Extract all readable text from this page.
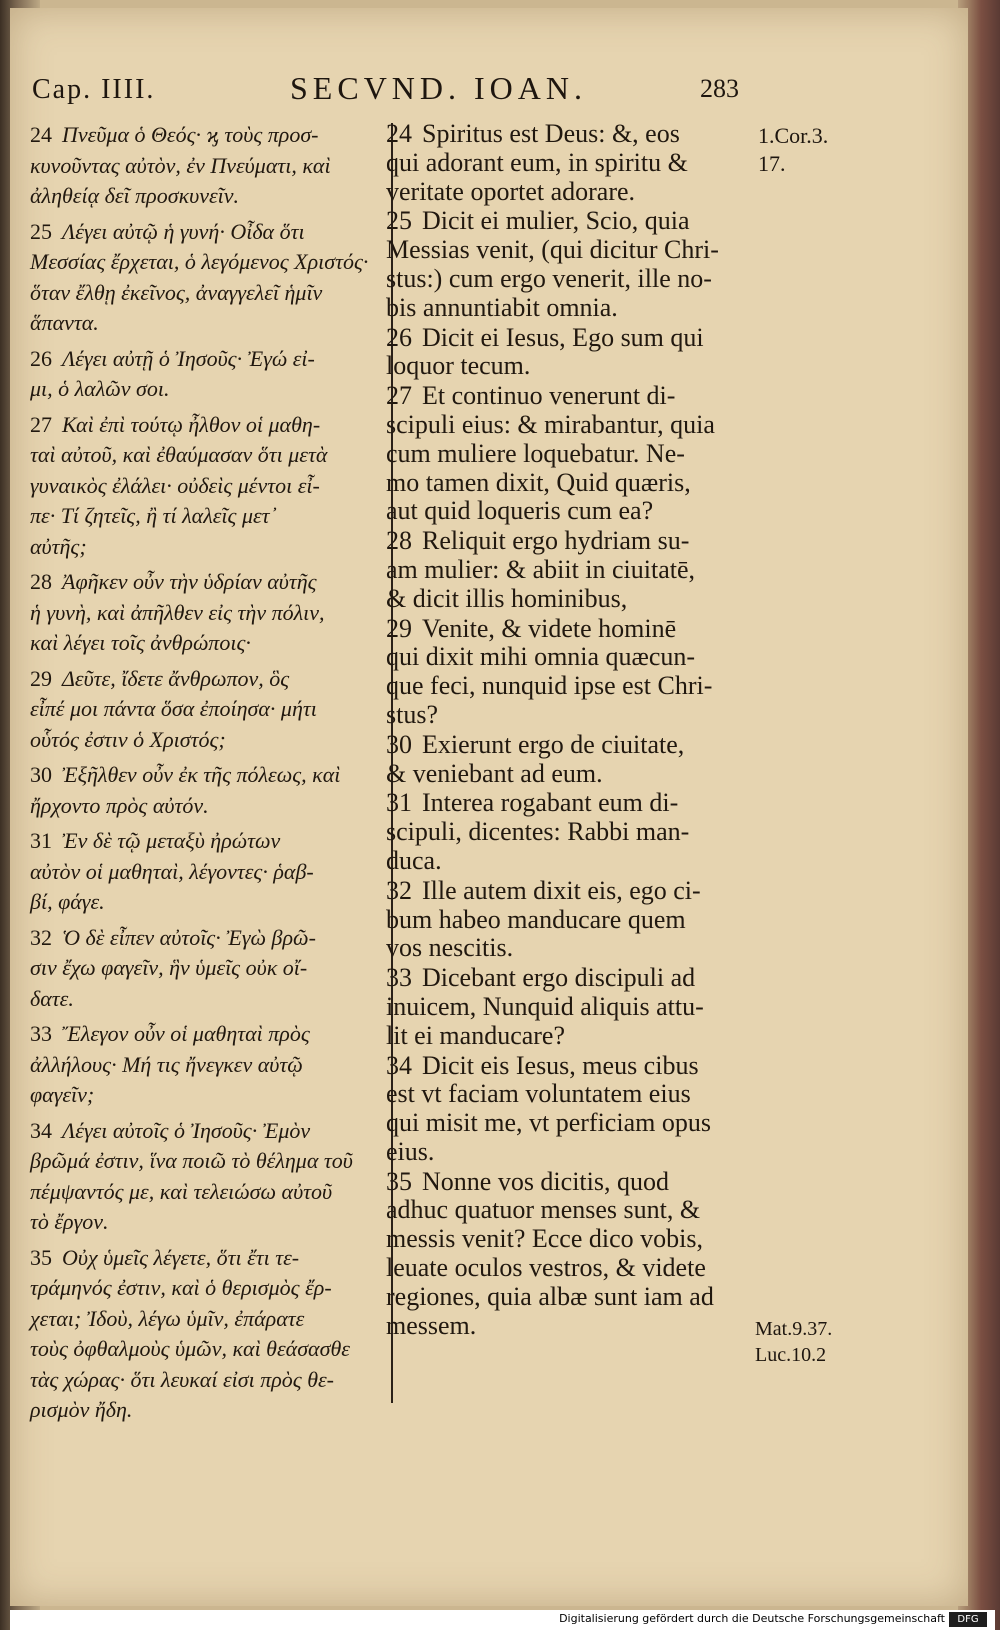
Cap. IIII.	SECVND. IOAN.	283
24 Πνεῦμα ὁ Θεός· ϗ τοὺς προσ-
κυνοῦντας αὐτὸν, ἐν Πνεύματι, καὶ
ἀληθείᾳ δεῖ προσκυνεῖν.
25 Λέγει αὐτῷ ἡ γυνή· Οἶδα ὅτι
Μεσσίας ἔρχεται, ὁ λεγόμενος Χριστός·
ὅταν ἔλθῃ ἐκεῖνος, ἀναγγελεῖ ἡμῖν
ἅπαντα.
26 Λέγει αὐτῇ ὁ Ἰησοῦς· Ἐγώ εἰ-
μι, ὁ λαλῶν σοι.
27 Καὶ ἐπὶ τούτῳ ἦλθον οἱ μαθη-
ταὶ αὐτοῦ, καὶ ἐθαύμασαν ὅτι μετὰ
γυναικὸς ἐλάλει· οὐδεὶς μέντοι εἶ-
πε· Τί ζητεῖς, ἢ τί λαλεῖς μετ᾽
αὐτῆς;
28 Ἀφῆκεν οὖν τὴν ὑδρίαν αὐτῆς
ἡ γυνὴ, καὶ ἀπῆλθεν εἰς τὴν πόλιν,
καὶ λέγει τοῖς ἀνθρώποις·
29 Δεῦτε, ἴδετε ἄνθρωπον, ὃς
εἶπέ μοι πάντα ὅσα ἐποίησα· μήτι
οὗτός ἐστιν ὁ Χριστός;
30 Ἐξῆλθεν οὖν ἐκ τῆς πόλεως, καὶ
ἤρχοντο πρὸς αὐτόν.
31 Ἐν δὲ τῷ μεταξὺ ἠρώτων
αὐτὸν οἱ μαθηταὶ, λέγοντες· ῥαβ-
βί, φάγε.
32 Ὁ δὲ εἶπεν αὐτοῖς· Ἐγὼ βρῶ-
σιν ἔχω φαγεῖν, ἣν ὑμεῖς οὐκ οἴ-
δατε.
33 Ἔλεγον οὖν οἱ μαθηταὶ πρὸς
ἀλλήλους· Μή τις ἤνεγκεν αὐτῷ
φαγεῖν;
34 Λέγει αὐτοῖς ὁ Ἰησοῦς· Ἐμὸν
βρῶμά ἐστιν, ἵνα ποιῶ τὸ θέλημα τοῦ
πέμψαντός με, καὶ τελειώσω αὐτοῦ
τὸ ἔργον.
35 Οὐχ ὑμεῖς λέγετε, ὅτι ἔτι τε-
τράμηνός ἐστιν, καὶ ὁ θερισμὸς ἔρ-
χεται; Ἰδοὺ, λέγω ὑμῖν, ἐπάρατε
τοὺς ὀφθαλμοὺς ὑμῶν, καὶ θεάσασθε
τὰς χώρας· ὅτι λευκαί εἰσι πρὸς θε-
ρισμὸν ἤδη.
24 Spiritus est Deus: &, eos
qui adorant eum, in spiritu &
veritate oportet adorare.
25 Dicit ei mulier, Scio, quia
Messias venit, (qui dicitur Chri-
stus:) cum ergo venerit, ille no-
bis annuntiabit omnia.
26 Dicit ei Iesus, Ego sum qui
loquor tecum.
27 Et continuo venerunt di-
scipuli eius: & mirabantur, quia
cum muliere loquebatur. Ne-
mo tamen dixit, Quid quæris,
aut quid loqueris cum ea?
28 Reliquit ergo hydriam su-
am mulier: & abiit in ciuitatē,
& dicit illis hominibus,
29 Venite, & videte hominē
qui dixit mihi omnia quæcun-
que feci, nunquid ipse est Chri-
stus?
30 Exierunt ergo de ciuitate,
& veniebant ad eum.
31 Interea rogabant eum di-
scipuli, dicentes: Rabbi man-
duca.
32 Ille autem dixit eis, ego ci-
bum habeo manducare quem
vos nescitis.
33 Dicebant ergo discipuli ad
inuicem, Nunquid aliquis attu-
lit ei manducare?
34 Dicit eis Iesus, meus cibus
est vt faciam voluntatem eius
qui misit me, vt perficiam opus
eius.
35 Nonne vos dicitis, quod
adhuc quatuor menses sunt, &
messis venit? Ecce dico vobis,
leuate oculos vestros, & videte
regiones, quia albæ sunt iam ad
messem.
1.Cor.3.
17.
Mat.9.37.
Luc.10.2
Digitalisierung gefördert durch die Deutsche Forschungsgemeinschaft	DFG
